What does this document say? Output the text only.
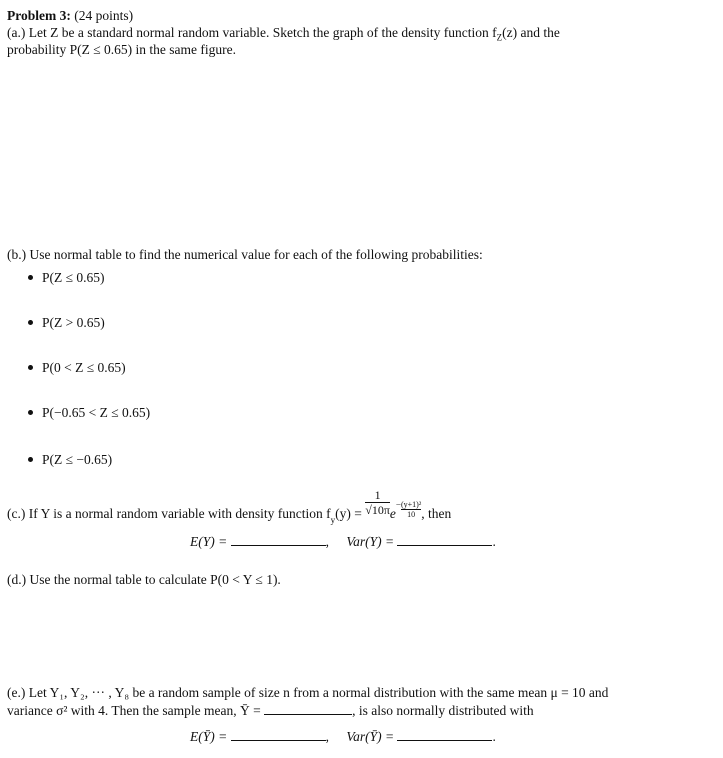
Problem 3: (24 points)
(a.) Let Z be a standard normal random variable. Sketch the graph of the density function $f_Z(z)$ and the
probability P(Z ≤ 0.65) in the same figure.
(b.) Use normal table to find the numerical value for each of the following probabilities:
P(Z ≤ 0.65)
P(Z > 0.65)
P(0 < Z ≤ 0.65)
P(−0.65 < Z ≤ 0.65)
P(Z ≤ −0.65)
(c.) If Y is a normal random variable with density function $f_y(y) = \frac{1}{√10\pi} e- \frac{\text{(y+1)²}}{10}$, then
E(Y) =	, Var(Y) =	.
(d.) Use the normal table to calculate P(0 < Y ≤ 1).
(e.) Let Y₁, Y₂, ··· , Y₈ be a random sample of size n from a normal distribution with the same mean μ = 10 and
variance σ² with 4. Then the sample mean, Ȳ =	, is also normally distributed with
E(Ȳ) =	, Var(Ȳ) =	.
